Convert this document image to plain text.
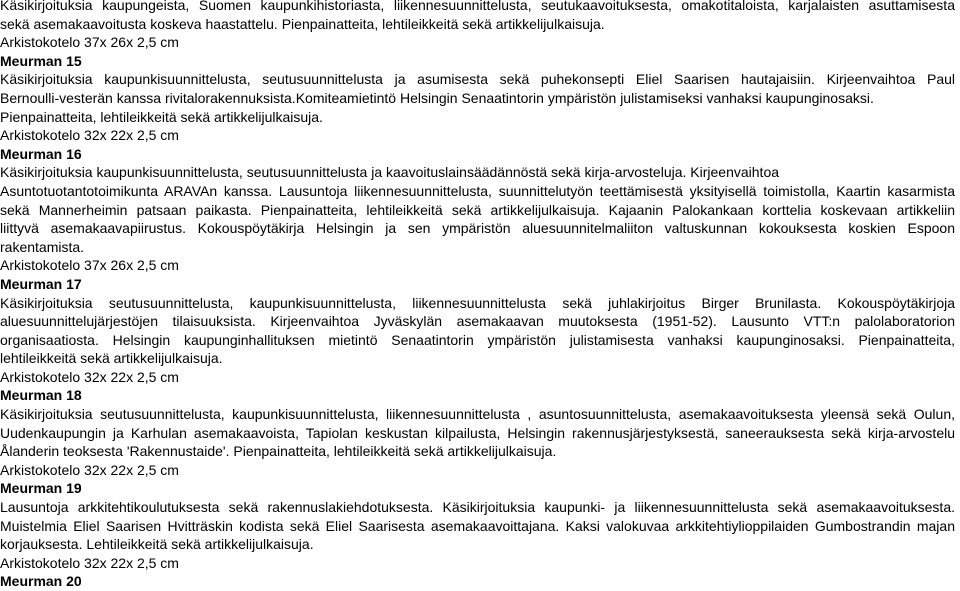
Käsikirjoituksia kaupungeista, Suomen kaupunkihistoriasta, liikennesuunnittelusta, seutukaavoituksesta, omakotitaloista, karjalaisten asuttamisesta
sekä asemakaavoitusta koskeva haastattelu. Pienpainatteita, lehtileikkeitä sekä artikkelijulkaisuja.
Arkistokotelo 37x 26x 2,5 cm
Meurman 15
Käsikirjoituksia kaupunkisuunnittelusta, seutusuunnittelusta ja asumisesta sekä puhekonsepti Eliel Saarisen hautajaisiin. Kirjeenvaihtoa Paul
Bernoulli-vesterän kanssa rivitalorakennuksista.Komiteamietintö Helsingin Senaatintorin ympäristön julistamiseksi vanhaksi kaupunginosaksi.
Pienpainatteita, lehtileikkeitä sekä artikkelijulkaisuja.
Arkistokotelo 32x 22x 2,5 cm
Meurman 16
Käsikirjoituksia kaupunkisuunnittelusta, seutusuunnittelusta ja kaavoituslainsäädännöstä sekä kirja-arvosteluja. Kirjeenvaihtoa
Asuntotuotantotoimikunta ARAVAn kanssa. Lausuntoja liikennesuunnittelusta, suunnittelutyön teettämisestä yksityisellä toimistolla, Kaartin kasarmista
sekä Mannerheimin patsaan paikasta. Pienpainatteita, lehtileikkeitä sekä artikkelijulkaisuja. Kajaanin Palokankaan korttelia koskevaan artikkeliin
liittyvä asemakaavapiirustus. Kokouspöytäkirja Helsingin ja sen ympäristön aluesuunnitelmaliiton valtuskunnan kokouksesta koskien Espoon
rakentamista.
Arkistokotelo 37x 26x 2,5 cm
Meurman 17
Käsikirjoituksia seutusuunnittelusta, kaupunkisuunnittelusta, liikennesuunnittelusta sekä juhlakirjoitus Birger Brunilasta. Kokouspöytäkirjoja
aluesuunnittelujärjestöjen tilaisuuksista. Kirjeenvaihtoa Jyväskylän asemakaavan muutoksesta (1951-52). Lausunto VTT:n palolaboratorion
organisaatiosta. Helsingin kaupunginhallituksen mietintö Senaatintorin ympäristön julistamisesta vanhaksi kaupunginosaksi. Pienpainatteita,
lehtileikkeitä sekä artikkelijulkaisuja.
Arkistokotelo 32x 22x 2,5 cm
Meurman 18
Käsikirjoituksia seutusuunnittelusta, kaupunkisuunnittelusta, liikennesuunnittelusta , asuntosuunnittelusta, asemakaavoituksesta yleensä sekä Oulun,
Uudenkaupungin ja Karhulan asemakaavoista, Tapiolan keskustan kilpailusta, Helsingin rakennusjärjestyksestä, saneerauksesta sekä kirja-arvostelu
Ålanderin teoksesta 'Rakennustaide'. Pienpainatteita, lehtileikkeitä sekä artikkelijulkaisuja.
Arkistokotelo 32x 22x 2,5 cm
Meurman 19
Lausuntoja arkkitehtikoulutuksesta sekä rakennuslakiehdotuksesta. Käsikirjoituksia kaupunki- ja liikennesuunnittelusta sekä asemakaavoituksesta.
Muistelmia Eliel Saarisen Hvitträskin kodista sekä Eliel Saarisesta asemakaavoittajana. Kaksi valokuvaa arkkitehtiylioppilaiden Gumbostrandin majan
korjauksesta. Lehtileikkeitä sekä artikkelijulkaisuja.
Arkistokotelo 32x 22x 2,5 cm
Meurman 20
